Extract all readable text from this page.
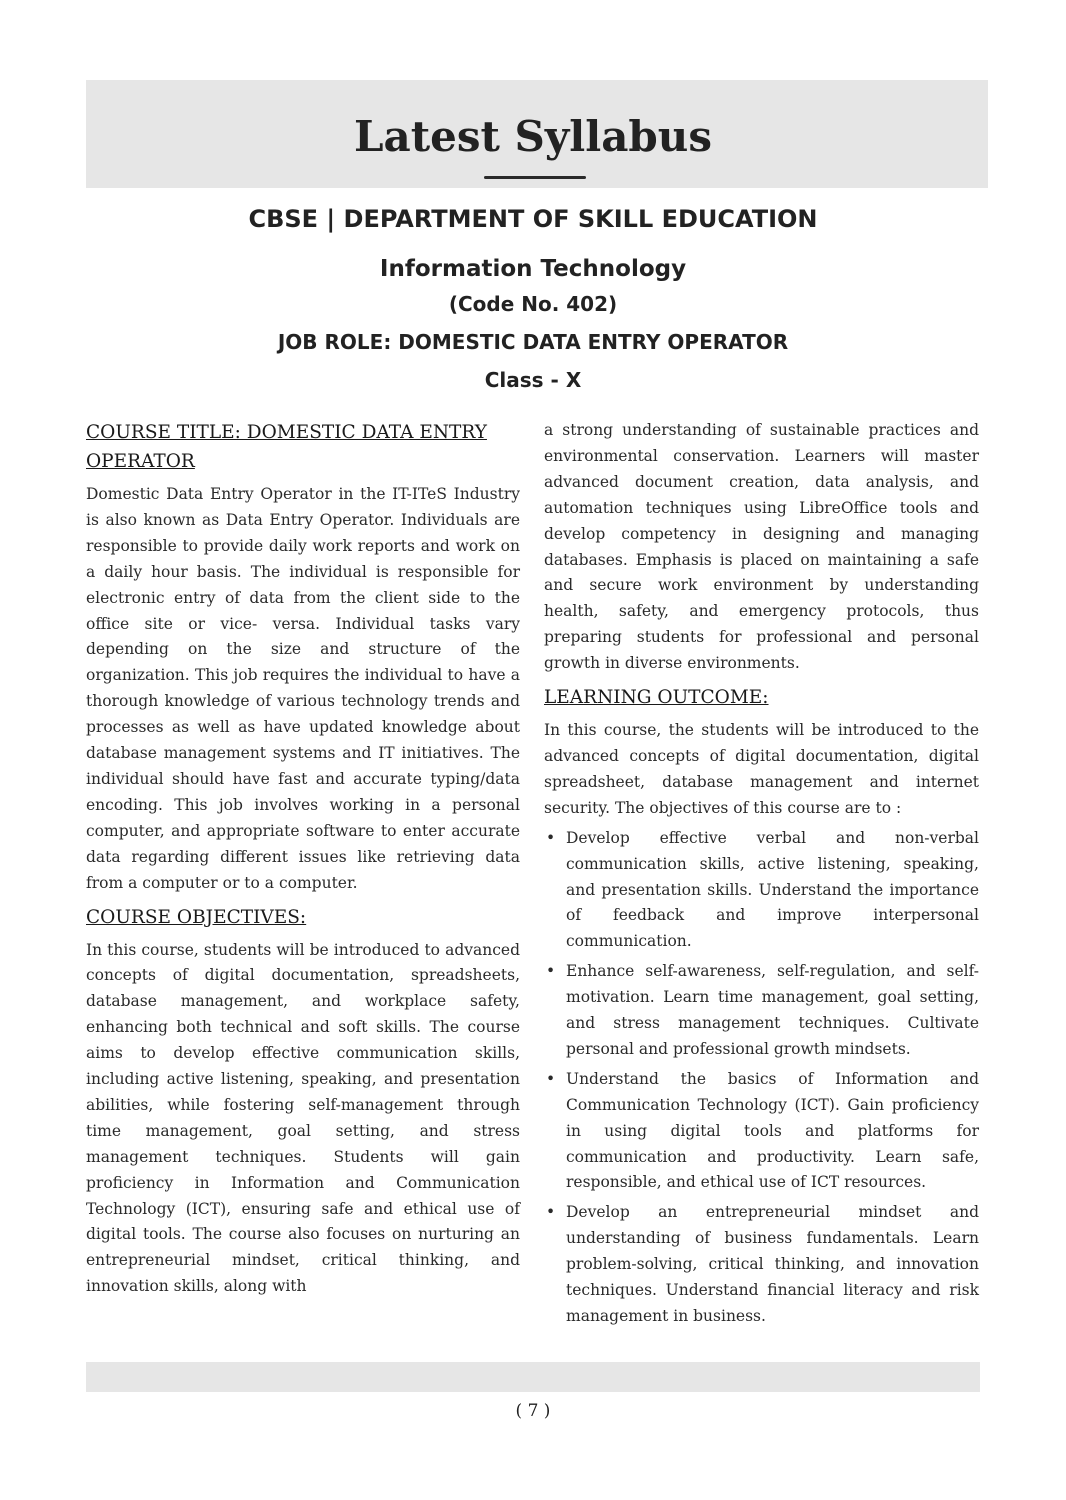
Latest Syllabus
CBSE | DEPARTMENT OF SKILL EDUCATION
Information Technology
(Code No. 402)
JOB ROLE: DOMESTIC DATA ENTRY OPERATOR
Class - X
COURSE TITLE: DOMESTIC DATA ENTRY OPERATOR

Domestic Data Entry Operator in the IT-ITeS Industry is also known as Data Entry Operator. Individuals are responsible to provide daily work reports and work on a daily hour basis. The individual is responsible for electronic entry of data from the client side to the office site or vice- versa. Individual tasks vary depending on the size and structure of the organization. This job requires the individual to have a thorough knowledge of various technology trends and processes as well as have updated knowledge about database management systems and IT initiatives. The individual should have fast and accurate typing/data encoding. This job involves working in a personal computer, and appropriate software to enter accurate data regarding different issues like retrieving data from a computer or to a computer.

COURSE OBJECTIVES:

In this course, students will be introduced to advanced concepts of digital documentation, spreadsheets, database management, and workplace safety, enhancing both technical and soft skills. The course aims to develop effective communication skills, including active listening, speaking, and presentation abilities, while fostering self-management through time management, goal setting, and stress management techniques. Students will gain proficiency in Information and Communication Technology (ICT), ensuring safe and ethical use of digital tools. The course also focuses on nurturing an entrepreneurial mindset, critical thinking, and innovation skills, along with

a strong understanding of sustainable practices and environmental conservation. Learners will master advanced document creation, data analysis, and automation techniques using LibreOffice tools and develop competency in designing and managing databases. Emphasis is placed on maintaining a safe and secure work environment by understanding health, safety, and emergency protocols, thus preparing students for professional and personal growth in diverse environments.

LEARNING OUTCOME:

In this course, the students will be introduced to the advanced concepts of digital documentation, digital spreadsheet, database management and internet security. The objectives of this course are to :

• Develop effective verbal and non-verbal communication skills, active listening, speaking, and presentation skills. Understand the importance of feedback and improve interpersonal communication.
• Enhance self-awareness, self-regulation, and self-motivation. Learn time management, goal setting, and stress management techniques. Cultivate personal and professional growth mindsets.
• Understand the basics of Information and Communication Technology (ICT). Gain proficiency in using digital tools and platforms for communication and productivity. Learn safe, responsible, and ethical use of ICT resources.
• Develop an entrepreneurial mindset and understanding of business fundamentals. Learn problem-solving, critical thinking, and innovation techniques. Understand financial literacy and risk management in business.
( 7 )
